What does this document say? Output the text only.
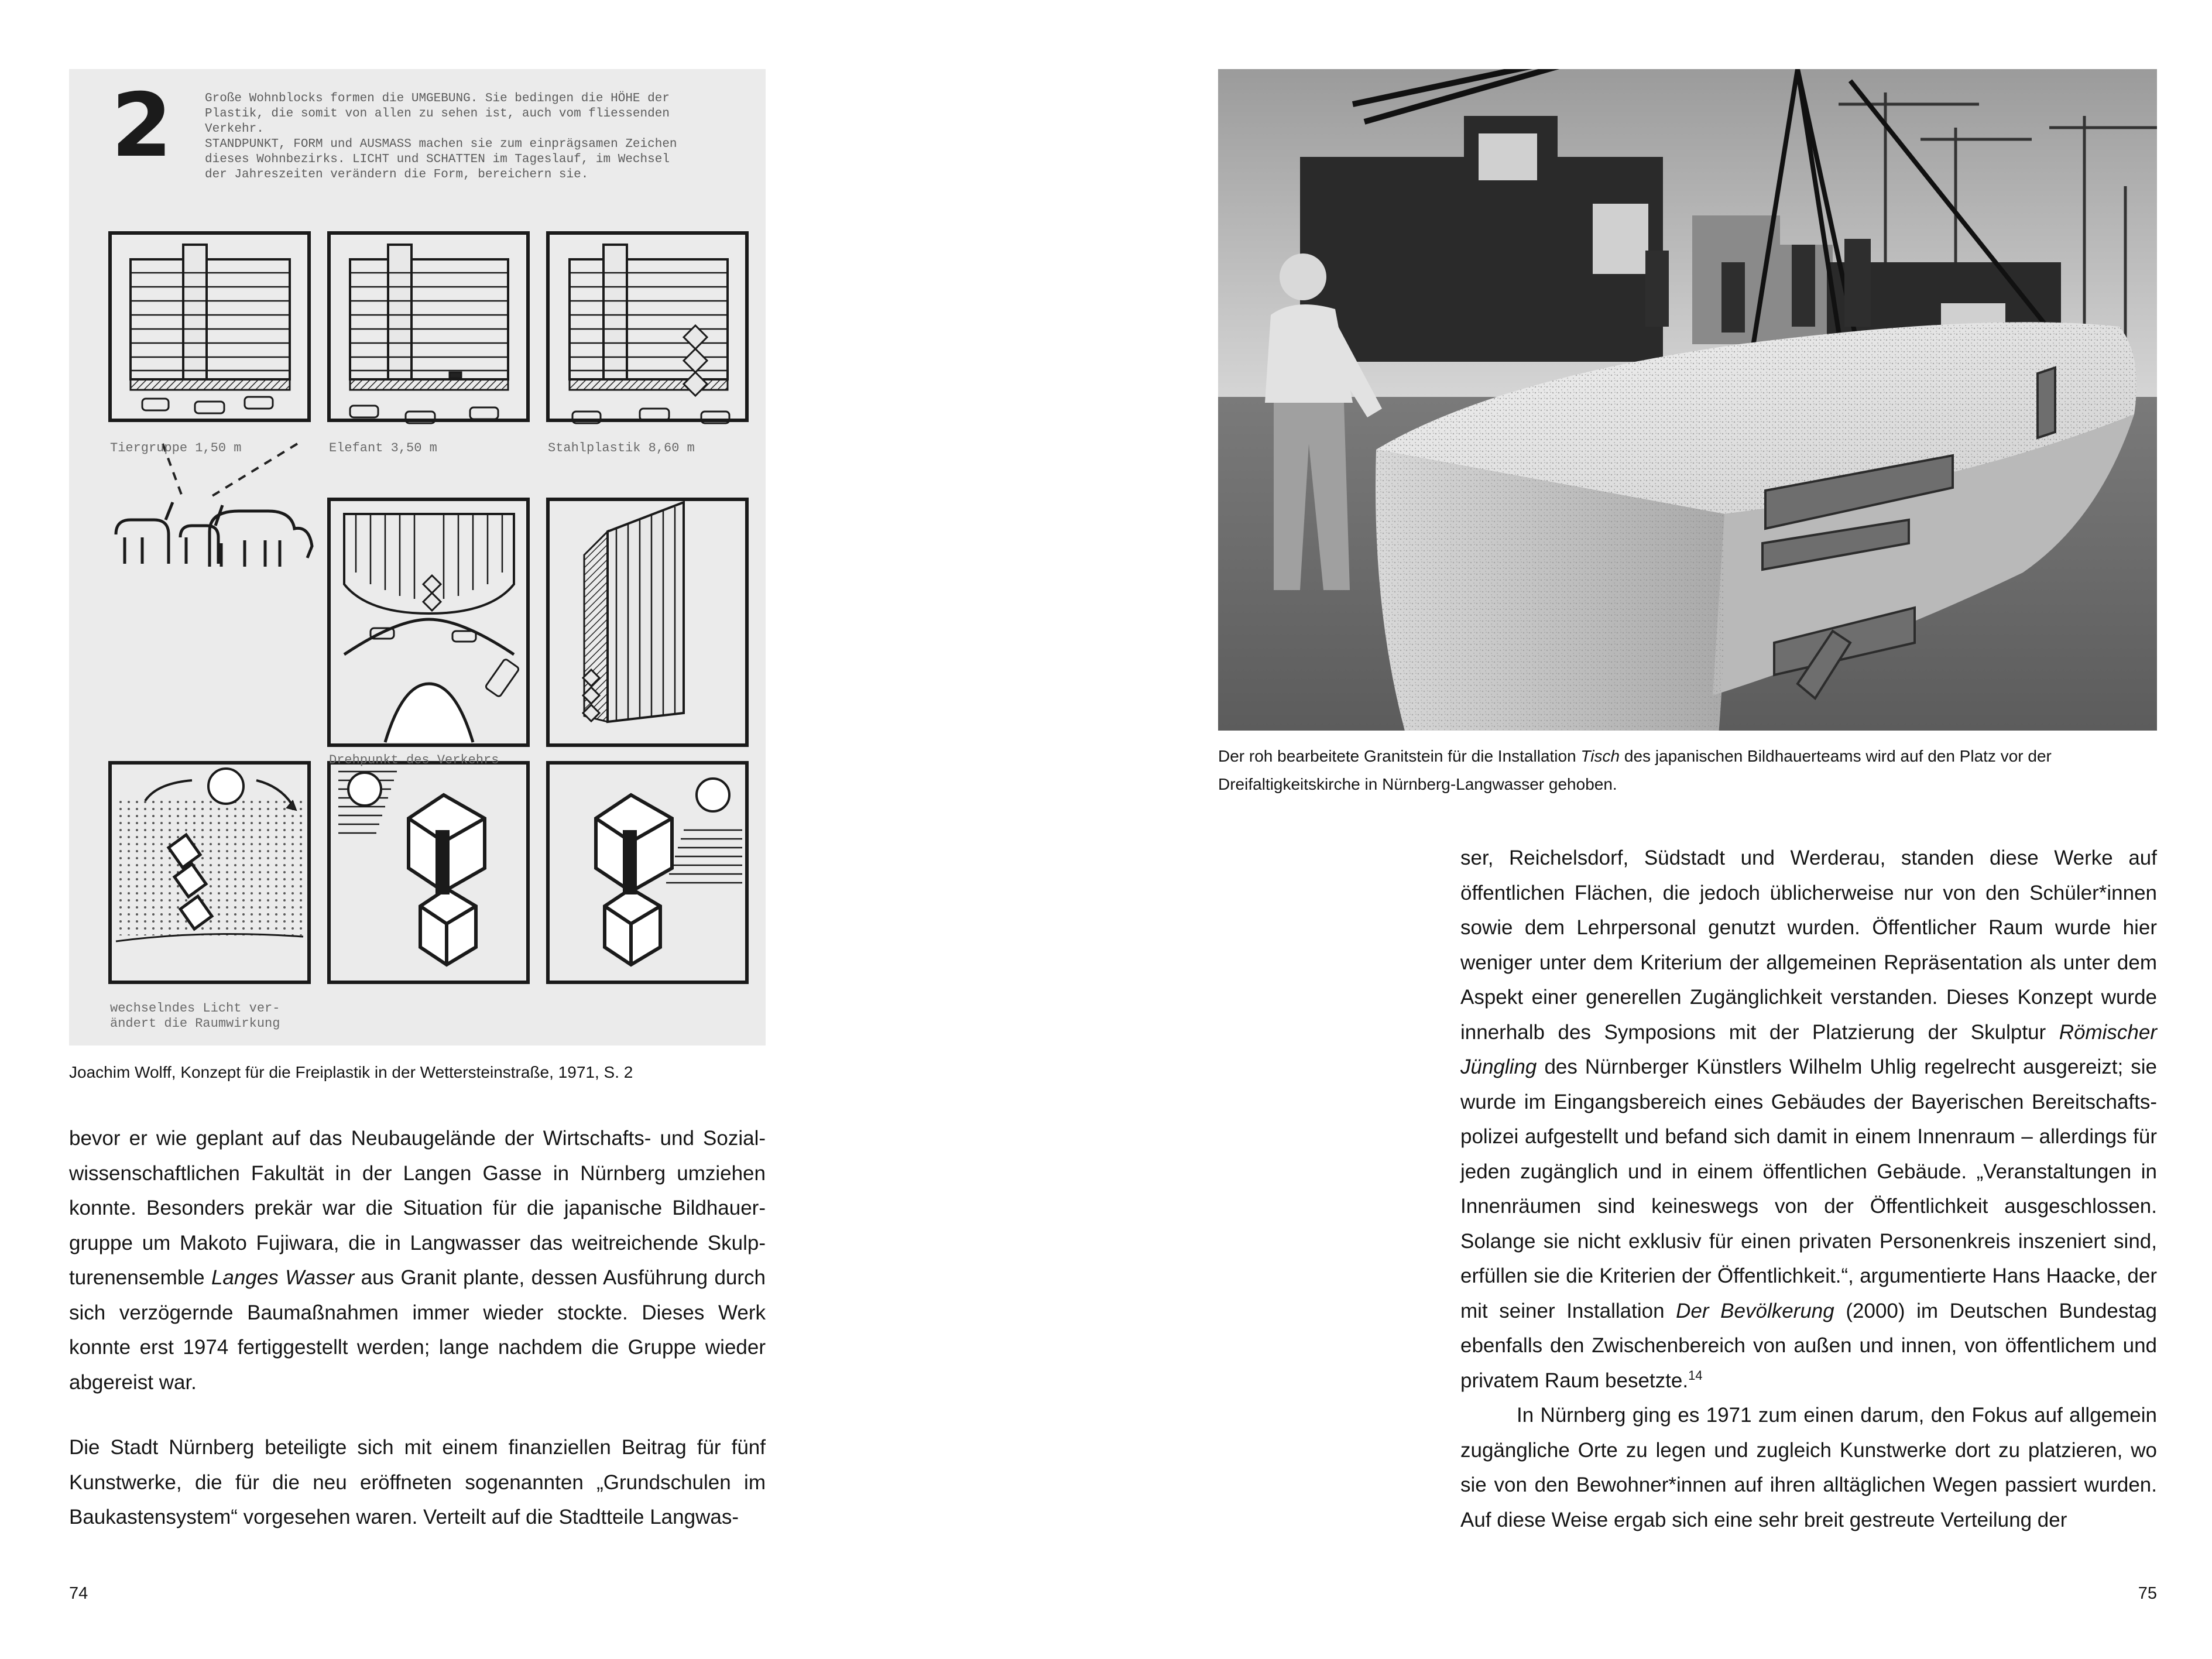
2	Große Wohnblocks formen die UMGEBUNG. Sie bedingen die HÖHE der
Plastik, die somit von allen zu sehen ist, auch vom fliessenden
Verkehr.
STANDPUNKT, FORM und AUSMASS machen sie zum einprägsamen Zeichen
dieses Wohnbezirks. LICHT und SCHATTEN im Tageslauf, im Wechsel
der Jahreszeiten verändern die Form, bereichern sie.

Tiergruppe 1,50 m	Elefant 3,50 m	Stahlplastik 8,60 m

Drehpunkt des Verkehrs

wechselndes Licht ver-
ändert die Raumwirkung

Joachim Wolff, Konzept für die Freiplastik in der Wettersteinstraße, 1971, S. 2

bevor er wie geplant auf das Neubaugelände der Wirtschafts- und Sozialwissenschaftlichen Fakultät in der Langen Gasse in Nürnberg umziehen konnte. Besonders prekär war die Situation für die japanische Bildhauergruppe um Makoto Fujiwara, die in Langwasser das weitreichende Skulpturenensemble Langes Wasser aus Granit plante, dessen Ausführung durch sich verzögernde Baumaßnahmen immer wieder stockte. Dieses Werk konnte erst 1974 fertiggestellt werden; lange nachdem die Gruppe wieder abgereist war.

Die Stadt Nürnberg beteiligte sich mit einem finanziellen Beitrag für fünf Kunstwerke, die für die neu eröffneten sogenannten „Grundschulen im Baukastensystem“ vorgesehen waren. Verteilt auf die Stadtteile Langwas-

74

Der roh bearbeitete Granitstein für die Installation Tisch des japanischen Bildhauerteams wird auf den Platz vor der Dreifaltigkeitskirche in Nürnberg-Langwasser gehoben.

ser, Reichelsdorf, Südstadt und Werderau, standen diese Werke auf öffentlichen Flächen, die jedoch üblicherweise nur von den Schüler*innen sowie dem Lehrpersonal genutzt wurden. Öffentlicher Raum wurde hier weniger unter dem Kriterium der allgemeinen Repräsentation als unter dem Aspekt einer generellen Zugänglichkeit verstanden. Dieses Konzept wurde innerhalb des Symposions mit der Platzierung der Skulptur Römischer Jüngling des Nürnberger Künstlers Wilhelm Uhlig regelrecht ausgereizt; sie wurde im Eingangsbereich eines Gebäudes der Bayerischen Bereitschaftspolizei aufgestellt und befand sich damit in einem Innenraum – allerdings für jeden zugänglich und in einem öffentlichen Gebäude. „Veranstaltungen in Innenräumen sind keineswegs von der Öffentlichkeit ausgeschlossen. Solange sie nicht exklusiv für einen privaten Personenkreis inszeniert sind, erfüllen sie die Kriterien der Öffentlichkeit.“, argumentierte Hans Haacke, der mit seiner Installation Der Bevölkerung (2000) im Deutschen Bundestag ebenfalls den Zwischenbereich von außen und innen, von öffentlichem und privatem Raum besetzte.$^{14}$

In Nürnberg ging es 1971 zum einen darum, den Fokus auf allgemein zugängliche Orte zu legen und zugleich Kunstwerke dort zu platzieren, wo sie von den Bewohner*innen auf ihren alltäglichen Wegen passiert wurden. Auf diese Weise ergab sich eine sehr breit gestreute Verteilung der

75
